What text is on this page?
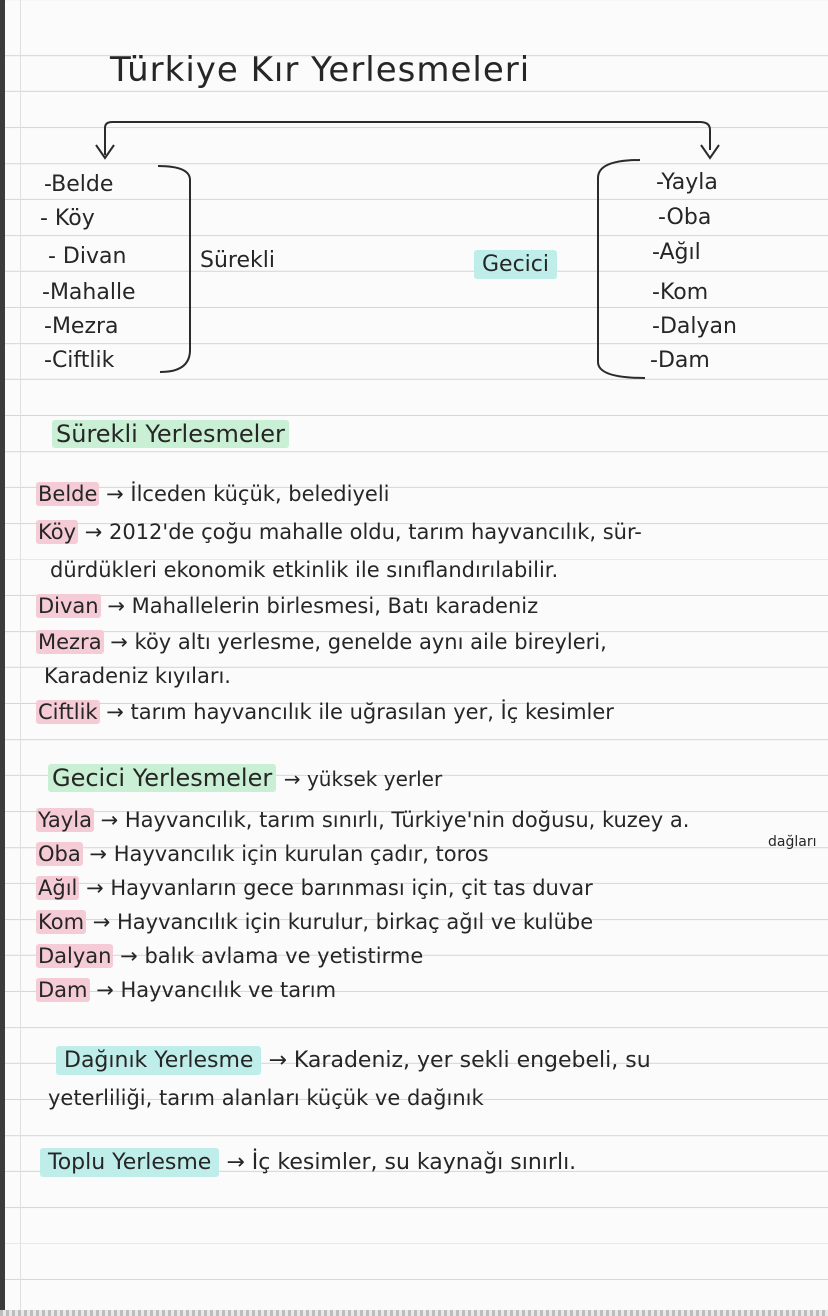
Türkiye Kır Yerlesmeleri
-Belde
- Köy
- Divan
-Mahalle
-Mezra
-Ciftlik
Sürekli	Gecici
-Yayla
-Oba
-Ağıl
-Kom
-Dalyan
-Dam
Sürekli Yerlesmeler
Belde → İlceden küçük, belediyeli
Köy → 2012'de çoğu mahalle oldu, tarım hayvancılık, sür-
dürdükleri ekonomik etkinlik ile sınıflandırılabilir.
Divan → Mahallelerin birlesmesi, Batı karadeniz
Mezra → köy altı yerlesme, genelde aynı aile bireyleri,
Karadeniz kıyıları.
Ciftlik → tarım hayvancılık ile uğrasılan yer, İç kesimler
Gecici Yerlesmeler → yüksek yerler
Yayla → Hayvancılık, tarım sınırlı, Türkiye'nin doğusu, kuzey a.
dağları
Oba → Hayvancılık için kurulan çadır, toros
Ağıl → Hayvanların gece barınması için, çit tas duvar
Kom → Hayvancılık için kurulur, birkaç ağıl ve kulübe
Dalyan → balık avlama ve yetistirme
Dam → Hayvancılık ve tarım
Dağınık Yerlesme → Karadeniz, yer sekli engebeli, su
yeterliliği, tarım alanları küçük ve dağınık
Toplu Yerlesme → İç kesimler, su kaynağı sınırlı.
